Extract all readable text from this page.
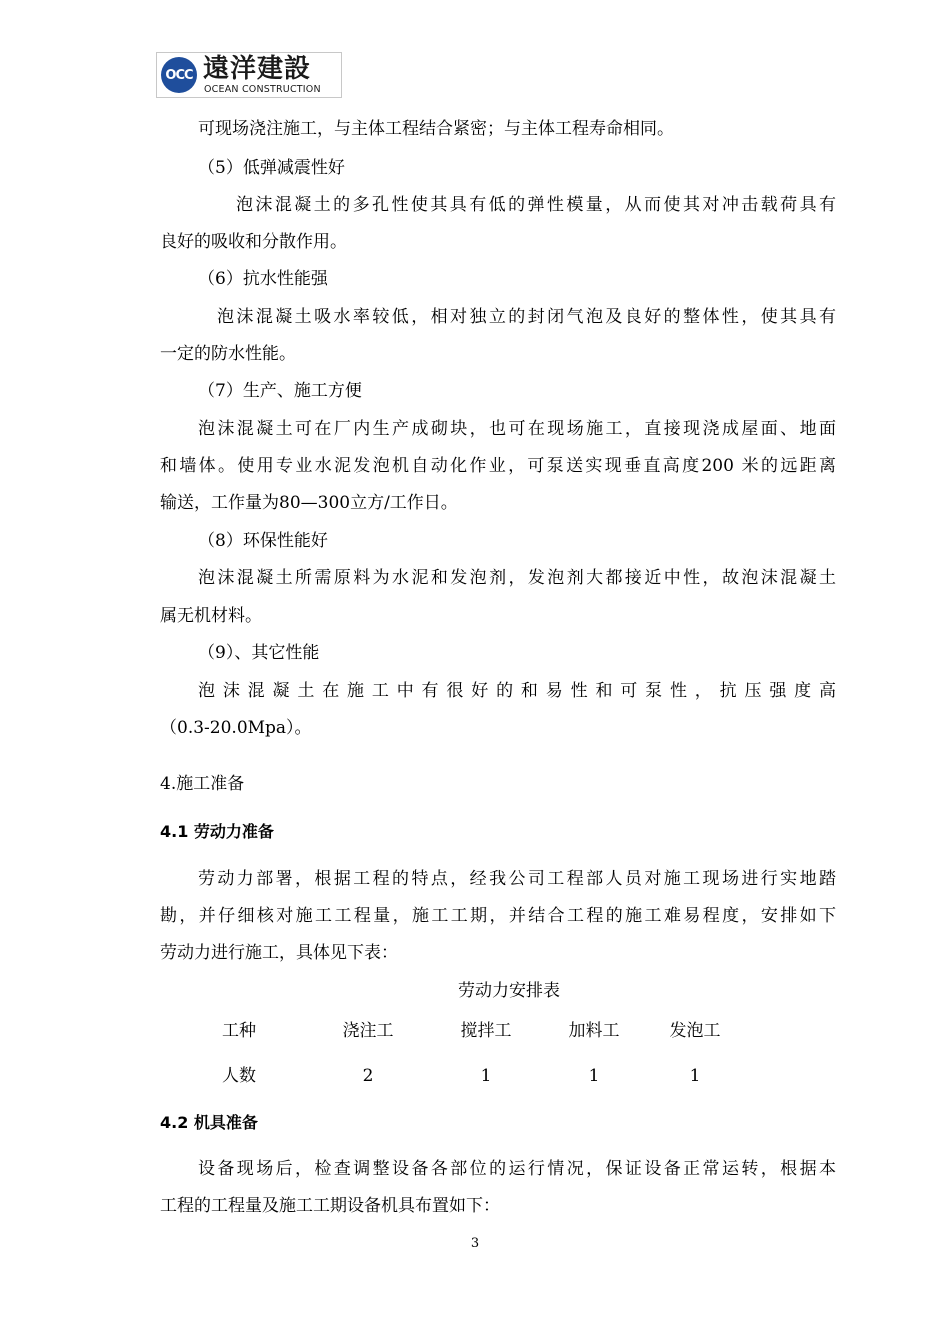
OCC 遠洋建設
OCEAN CONSTRUCTION
可现场浇注施工，与主体工程结合紧密；与主体工程寿命相同。
（5）低弹减震性好
泡沫混凝土的多孔性使其具有低的弹性模量，从而使其对冲击载荷具有
良好的吸收和分散作用。
（6）抗水性能强
泡沫混凝土吸水率较低，相对独立的封闭气泡及良好的整体性，使其具有
一定的防水性能。
（7）生产、施工方便
泡沫混凝土可在厂内生产成砌块，也可在现场施工，直接现浇成屋面、地面
和墙体。使用专业水泥发泡机自动化作业，可泵送实现垂直高度200 米的远距离
输送，工作量为80—300立方/工作日。
（8）环保性能好
泡沫混凝土所需原料为水泥和发泡剂，发泡剂大都接近中性，故泡沫混凝土
属无机材料。
（9）、其它性能
泡沫混凝土在施工中有很好的和易性和可泵性，抗压强度高
（0.3-20.0Mpa）。
4.施工准备
4.1 劳动力准备
劳动力部署，根据工程的特点，经我公司工程部人员对施工现场进行实地踏
勘，并仔细核对施工工程量，施工工期，并结合工程的施工难易程度，安排如下
劳动力进行施工，具体见下表：
劳动力安排表
工种	浇注工	搅拌工	加料工	发泡工
人数	2	1	1	1
4.2 机具准备
设备现场后，检查调整设备各部位的运行情况，保证设备正常运转，根据本
工程的工程量及施工工期设备机具布置如下：
3
